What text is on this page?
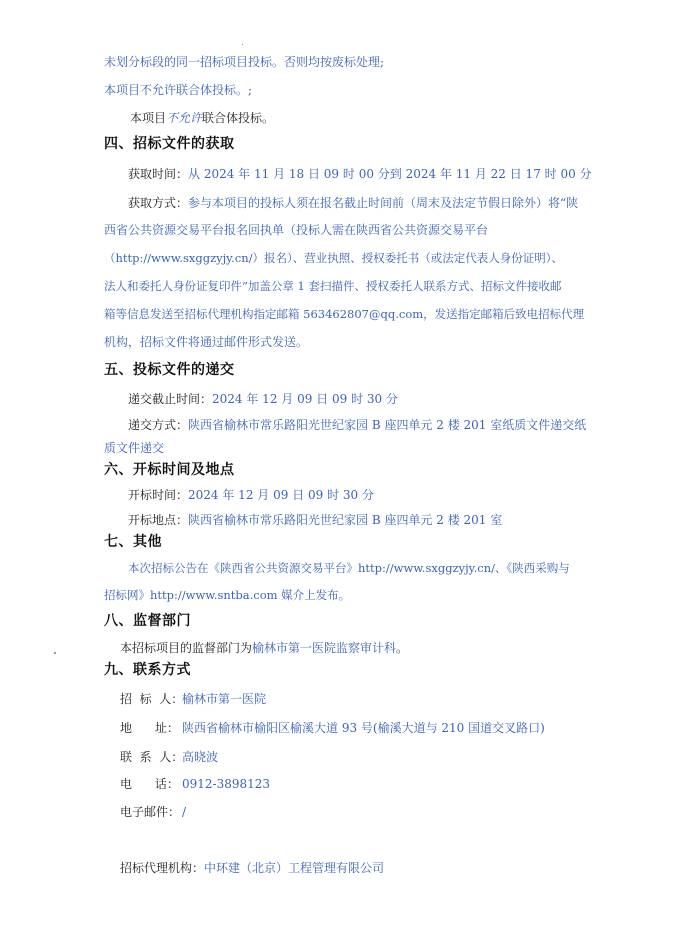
未划分标段的同一招标项目投标。否则均按废标处理;
本项目不允许联合体投标。;
本项目不允许联合体投标。
四、招标文件的获取
获取时间：从 2024 年 11 月 18 日 09 时 00 分到 2024 年 11 月 22 日 17 时 00 分
获取方式：参与本项目的投标人须在报名截止时间前（周末及法定节假日除外）将“陕
西省公共资源交易平台报名回执单（投标人需在陕西省公共资源交易平台
（http://www.sxggzyjy.cn/）报名）、营业执照、授权委托书（或法定代表人身份证明）、
法人和委托人身份证复印件”加盖公章 1 套扫描件、授权委托人联系方式、招标文件接收邮
箱等信息发送至招标代理机构指定邮箱 563462807@qq.com，发送指定邮箱后致电招标代理
机构，招标文件将通过邮件形式发送。
五、投标文件的递交
递交截止时间：2024 年 12 月 09 日 09 时 30 分
递交方式：陕西省榆林市常乐路阳光世纪家园 B 座四单元 2 楼 201 室纸质文件递交纸
质文件递交
六、开标时间及地点
开标时间：2024 年 12 月 09 日 09 时 30 分
开标地点：陕西省榆林市常乐路阳光世纪家园 B 座四单元 2 楼 201 室
七、其他
本次招标公告在《陕西省公共资源交易平台》http://www.sxggzyjy.cn/、《陕西采购与
招标网》http://www.sntba.com 媒介上发布。
八、监督部门
本招标项目的监督部门为榆林市第一医院监察审计科。
九、联系方式
招  标  人：榆林市第一医院
地      址： 陕西省榆林市榆阳区榆溪大道 93 号(榆溪大道与 210 国道交叉路口)
联  系  人：高晓波
电      话： 0912-3898123
电子邮件： /
招标代理机构：中环建（北京）工程管理有限公司
